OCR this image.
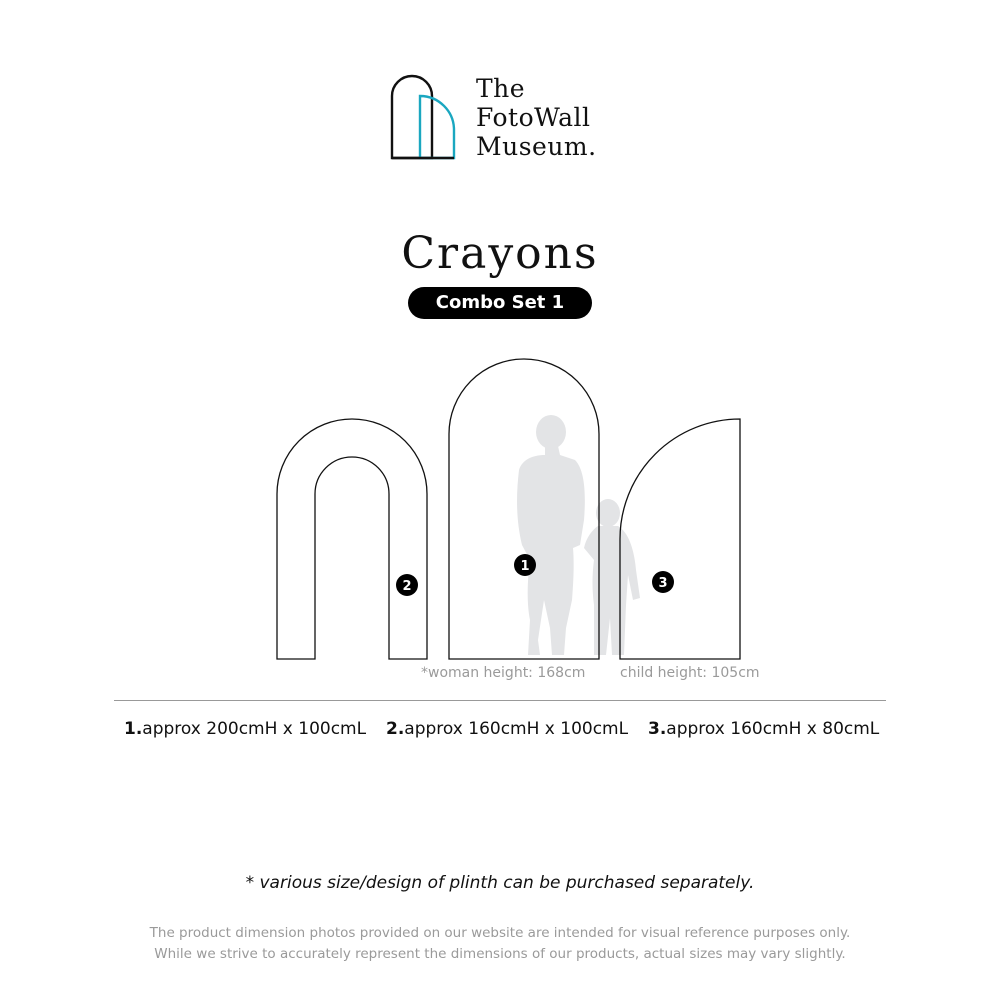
The
FotoWall
Museum.
Crayons
Combo Set 1
1
2	3
*woman height: 168cm child height: 105cm
1.approx 200cmH x 100cmL 2.approx 160cmH x 100cmL 3.approx 160cmH x 80cmL
* various size/design of plinth can be purchased separately.
The product dimension photos provided on our website are intended for visual reference purposes only.
While we strive to accurately represent the dimensions of our products, actual sizes may vary slightly.
